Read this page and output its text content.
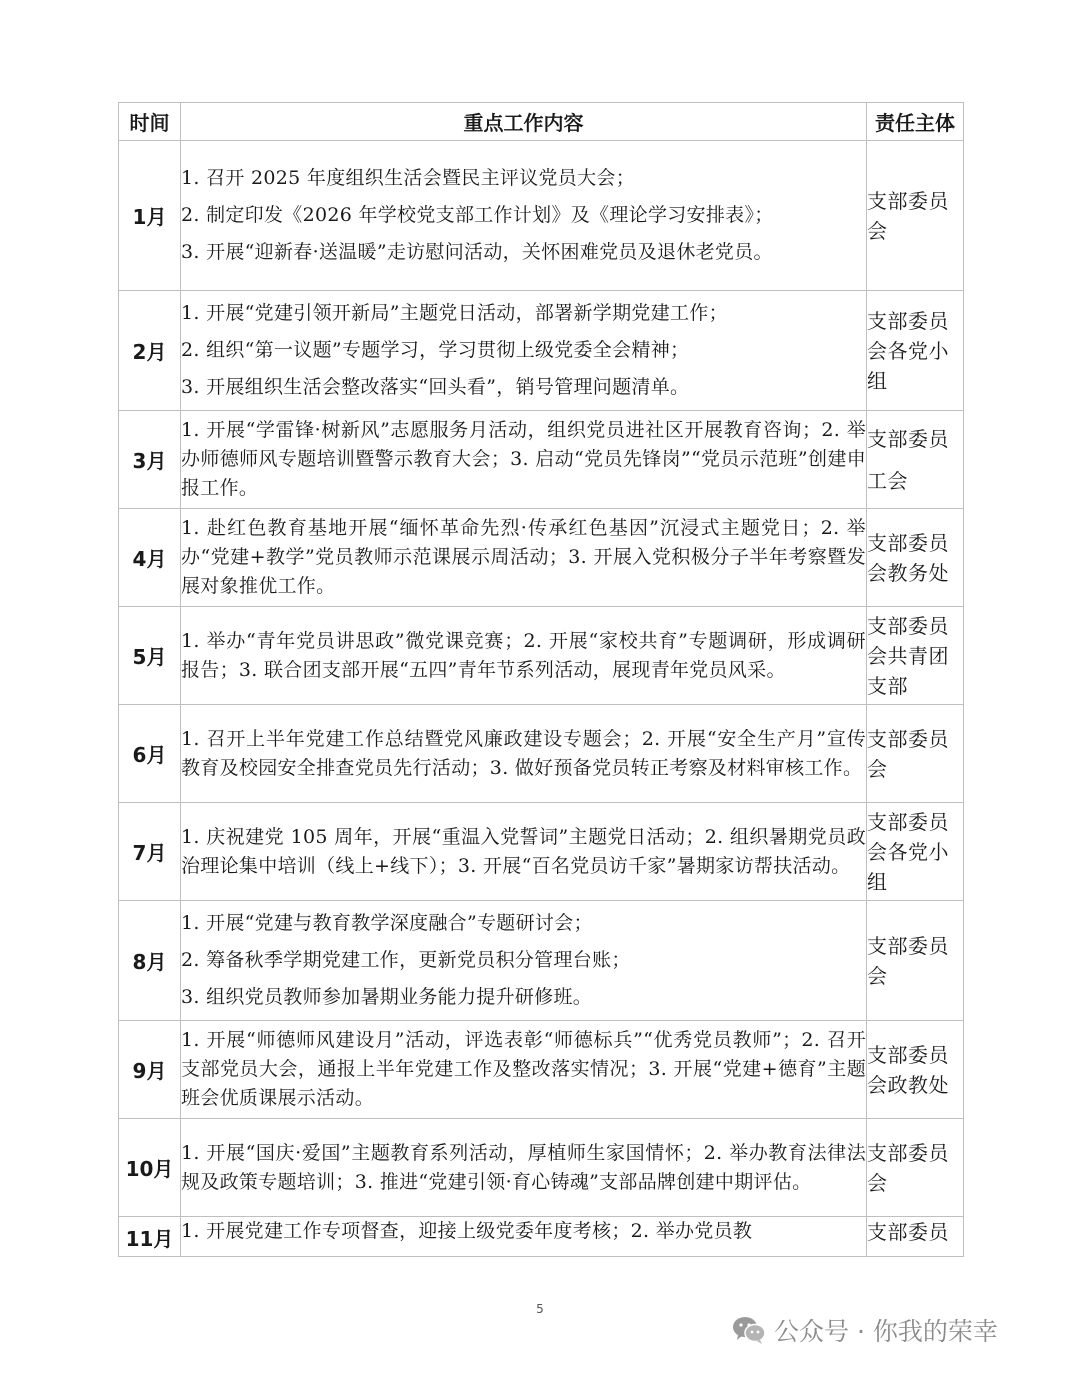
时间	重点工作内容	责任主体
1月	1. 召开 2025 年度组织生活会暨民主评议党员大会；

2. 制定印发《2026 年学校党支部工作计划》及《理论学习安排表》；

3. 开展“迎新春·送温暖”走访慰问活动，关怀困难党员及退休老党员。	支部委员会
2月	1. 开展“党建引领开新局”主题党日活动，部署新学期党建工作；

2. 组织“第一议题”专题学习，学习贯彻上级党委全会精神；

3. 开展组织生活会整改落实“回头看”，销号管理问题清单。	支部委员会各党小组
3月	1. 开展“学雷锋·树新风”志愿服务月活动，组织党员进社区开展教育咨询；2. 举办师德师风专题培训暨警示教育大会；3. 启动“党员先锋岗”“党员示范班”创建申报工作。	支部委员
工会

4月	1. 赴红色教育基地开展“缅怀革命先烈·传承红色基因”沉浸式主题党日；2. 举办“党建+教学”党员教师示范课展示周活动；3. 开展入党积极分子半年考察暨发展对象推优工作。	支部委员会教务处
5月	1. 举办“青年党员讲思政”微党课竞赛；2. 开展“家校共育”专题调研，形成调研报告；3. 联合团支部开展“五四”青年节系列活动，展现青年党员风采。	支部委员会共青团支部
6月	1. 召开上半年党建工作总结暨党风廉政建设专题会；2. 开展“安全生产月”宣传教育及校园安全排查党员先行活动；3. 做好预备党员转正考察及材料审核工作。	支部委员会
7月	1. 庆祝建党 105 周年，开展“重温入党誓词”主题党日活动；2. 组织暑期党员政治理论集中培训（线上+线下）；3. 开展“百名党员访千家”暑期家访帮扶活动。	支部委员会各党小组
8月	1. 开展“党建与教育教学深度融合”专题研讨会；

2. 筹备秋季学期党建工作，更新党员积分管理台账；

3. 组织党员教师参加暑期业务能力提升研修班。	支部委员会
9月	1. 开展“师德师风建设月”活动，评选表彰“师德标兵”“优秀党员教师”；2. 召开支部党员大会，通报上半年党建工作及整改落实情况；3. 开展“党建+德育”主题班会优质课展示活动。	支部委员会政教处
10月	1. 开展“国庆·爱国”主题教育系列活动，厚植师生家国情怀；2. 举办教育法律法规及政策专题培训；3. 推进“党建引领·育心铸魂”支部品牌创建中期评估。	支部委员会
11月	1. 开展党建工作专项督查，迎接上级党委年度考核；2. 举办党员教	支部委员
5
公众号 · 你我的荣幸
